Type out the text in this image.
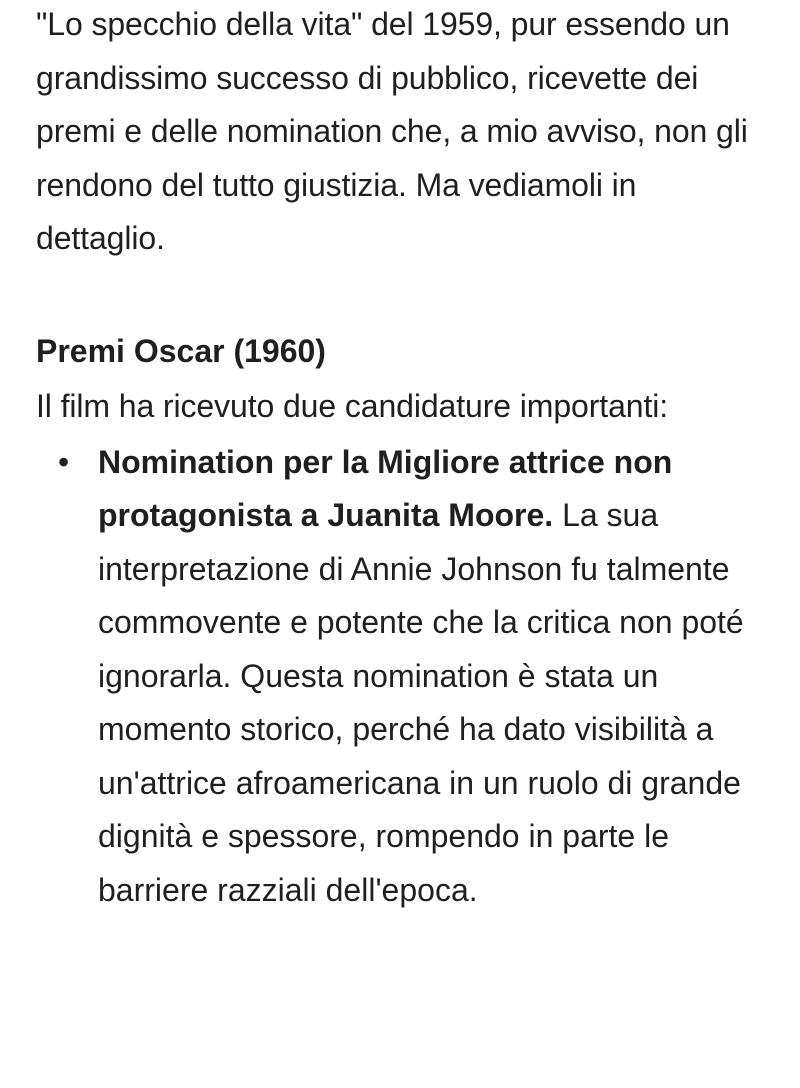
"Lo specchio della vita" del 1959, pur essendo un grandissimo successo di pubblico, ricevette dei premi e delle nomination che, a mio avviso, non gli rendono del tutto giustizia. Ma vediamoli in dettaglio.

Premi Oscar (1960)

Il film ha ricevuto due candidature importanti:

• Nomination per la Migliore attrice non protagonista a Juanita Moore. La sua interpretazione di Annie Johnson fu talmente commovente e potente che la critica non poté ignorarla. Questa nomination è stata un momento storico, perché ha dato visibilità a un'attrice afroamericana in un ruolo di grande dignità e spessore, rompendo in parte le barriere razziali dell'epoca.
